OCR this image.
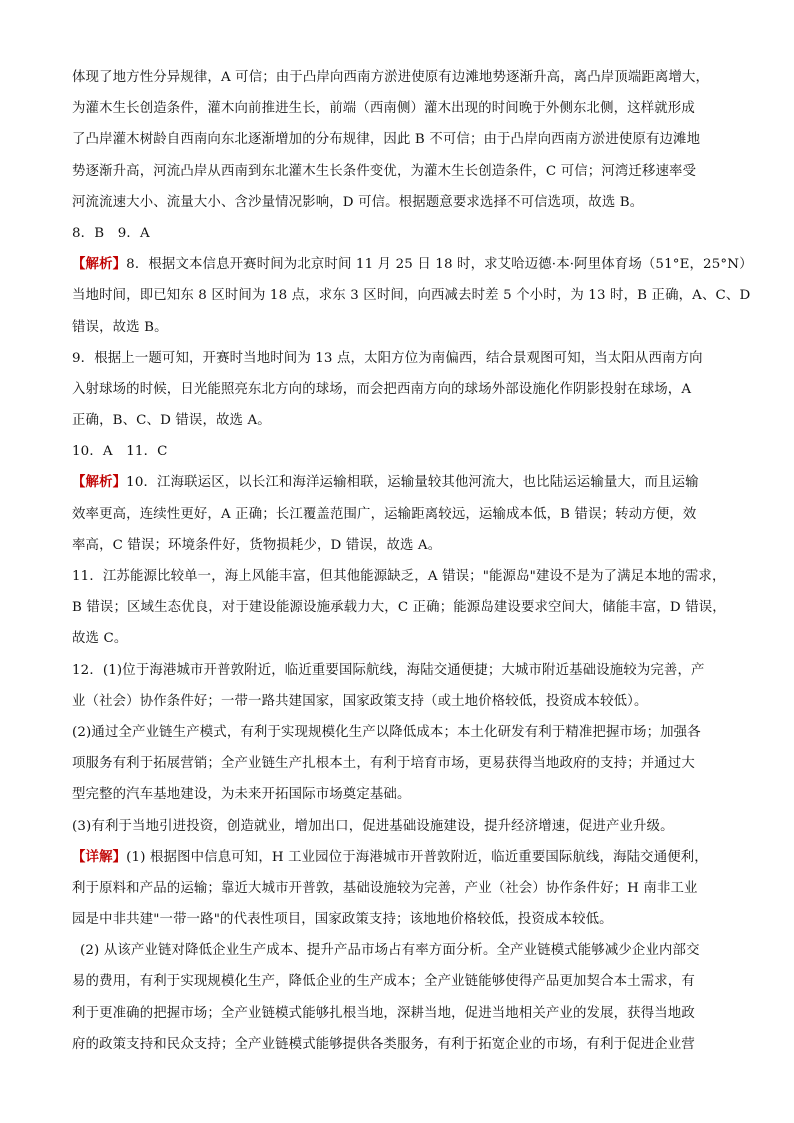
体现了地方性分异规律，A 可信；由于凸岸向西南方淤进使原有边滩地势逐渐升高，离凸岸顶端距离增大，
为灌木生长创造条件，灌木向前推进生长，前端（西南侧）灌木出现的时间晚于外侧东北侧，这样就形成
了凸岸灌木树龄自西南向东北逐渐增加的分布规律，因此 B 不可信；由于凸岸向西南方淤进使原有边滩地
势逐渐升高，河流凸岸从西南到东北灌木生长条件变优，为灌木生长创造条件，C 可信；河湾迁移速率受
河流流速大小、流量大小、含沙量情况影响，D 可信。根据题意要求选择不可信选项，故选 B。
8．B　9．A
【解析】8．根据文本信息开赛时间为北京时间 11 月 25 日 18 时，求艾哈迈德·本·阿里体育场（51°E，25°N）
当地时间，即已知东 8 区时间为 18 点，求东 3 区时间，向西减去时差 5 个小时，为 13 时，B 正确，A、C、D
错误，故选 B。
9．根据上一题可知，开赛时当地时间为 13 点，太阳方位为南偏西，结合景观图可知，当太阳从西南方向
入射球场的时候，日光能照亮东北方向的球场，而会把西南方向的球场外部设施化作阴影投射在球场，A
正确，B、C、D 错误，故选 A。
10．A　11．C
【解析】10．江海联运区，以长江和海洋运输相联，运输量较其他河流大，也比陆运运输量大，而且运输
效率更高，连续性更好，A 正确；长江覆盖范围广，运输距离较远，运输成本低，B 错误；转动方便，效
率高，C 错误；环境条件好，货物损耗少，D 错误，故选 A。
11．江苏能源比较单一，海上风能丰富，但其他能源缺乏，A 错误；"能源岛"建设不是为了满足本地的需求，
B 错误；区域生态优良，对于建设能源设施承载力大，C 正确；能源岛建设要求空间大，储能丰富，D 错误，
故选 C。
12．(1)位于海港城市开普敦附近，临近重要国际航线，海陆交通便捷；大城市附近基础设施较为完善，产
业（社会）协作条件好；一带一路共建国家，国家政策支持（或土地价格较低，投资成本较低）。
(2)通过全产业链生产模式，有利于实现规模化生产以降低成本；本土化研发有利于精准把握市场；加强各
项服务有利于拓展营销；全产业链生产扎根本土，有利于培育市场，更易获得当地政府的支持；并通过大
型完整的汽车基地建设，为未来开拓国际市场奠定基础。
(3)有利于当地引进投资，创造就业，增加出口，促进基础设施建设，提升经济增速，促进产业升级。
【详解】(1) 根据图中信息可知，H 工业园位于海港城市开普敦附近，临近重要国际航线，海陆交通便利，
利于原料和产品的运输；靠近大城市开普敦，基础设施较为完善，产业（社会）协作条件好；H 南非工业
园是中非共建"一带一路"的代表性项目，国家政策支持；该地地价格较低，投资成本较低。
(2) 从该产业链对降低企业生产成本、提升产品市场占有率方面分析。全产业链模式能够减少企业内部交
易的费用，有利于实现规模化生产，降低企业的生产成本；全产业链能够使得产品更加契合本土需求，有
利于更准确的把握市场；全产业链模式能够扎根当地，深耕当地，促进当地相关产业的发展，获得当地政
府的政策支持和民众支持；全产业链模式能够提供各类服务，有利于拓宽企业的市场，有利于促进企业营
